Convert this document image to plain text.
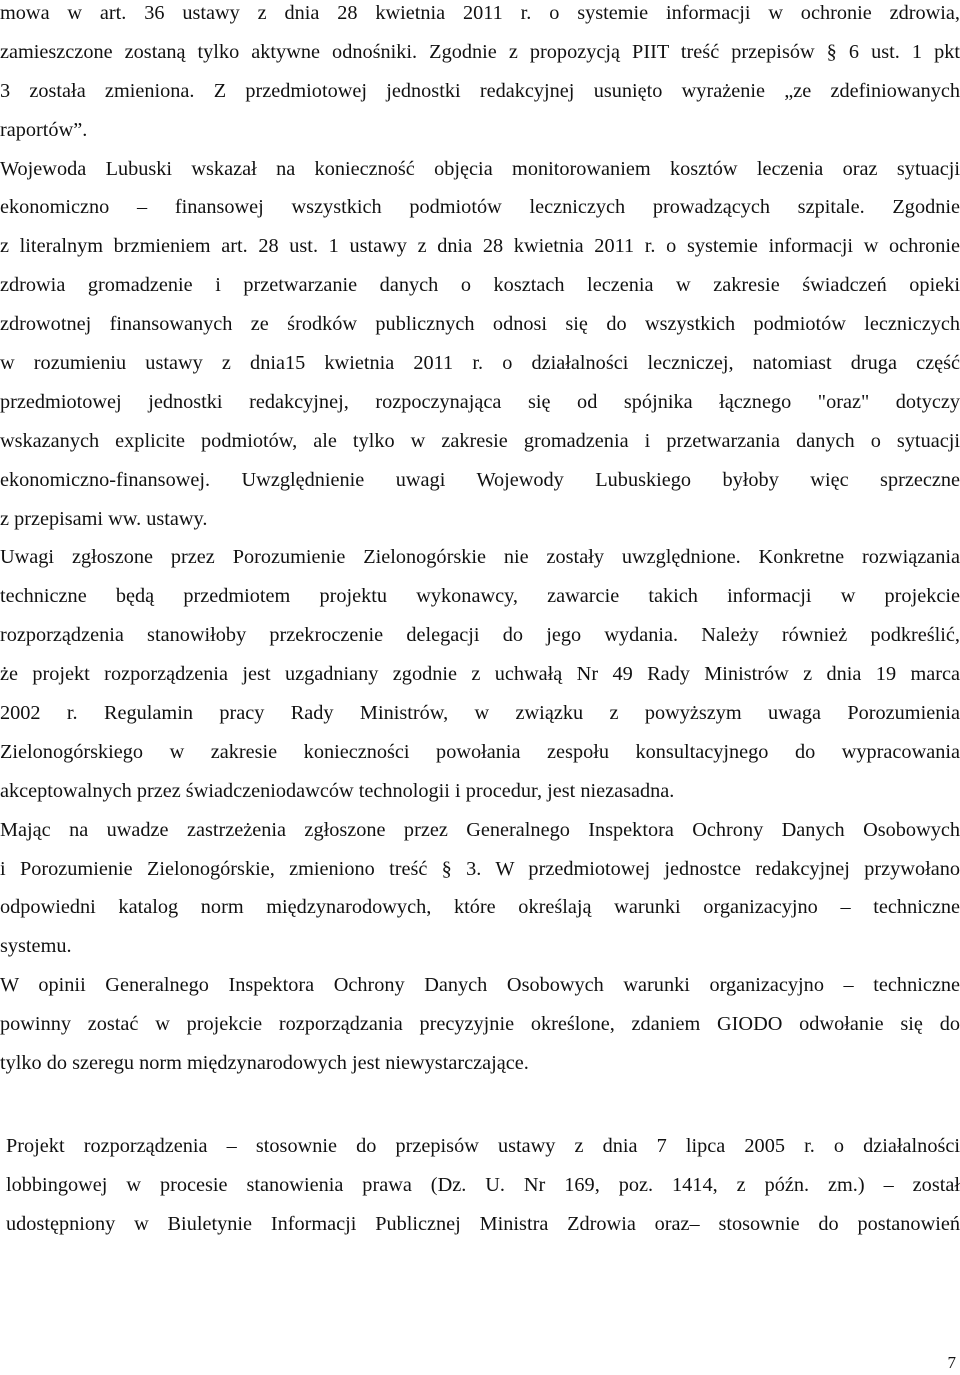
mowa w art. 36 ustawy z dnia 28 kwietnia 2011 r. o systemie informacji w ochronie zdrowia,
zamieszczone zostaną tylko aktywne odnośniki. Zgodnie z propozycją PIIT treść przepisów § 6 ust. 1 pkt
3 została zmieniona. Z przedmiotowej jednostki redakcyjnej usunięto wyrażenie „ze zdefiniowanych
raportów”.
Wojewoda Lubuski wskazał na konieczność objęcia monitorowaniem kosztów leczenia oraz sytuacji
ekonomiczno – finansowej wszystkich podmiotów leczniczych prowadzących szpitale. Zgodnie
z literalnym brzmieniem art. 28 ust. 1 ustawy z dnia 28 kwietnia 2011 r. o systemie informacji w ochronie
zdrowia gromadzenie i przetwarzanie danych o kosztach leczenia w zakresie świadczeń opieki
zdrowotnej finansowanych ze środków publicznych odnosi się do wszystkich podmiotów leczniczych
w rozumieniu ustawy z dnia15 kwietnia 2011 r. o działalności leczniczej, natomiast druga część
przedmiotowej jednostki redakcyjnej, rozpoczynająca się od spójnika łącznego "oraz" dotyczy
wskazanych explicite podmiotów, ale tylko w zakresie gromadzenia i przetwarzania danych o sytuacji
ekonomiczno-finansowej. Uwzględnienie uwagi Wojewody Lubuskiego byłoby więc sprzeczne
z przepisami ww. ustawy.
Uwagi zgłoszone przez Porozumienie Zielonogórskie nie zostały uwzględnione. Konkretne rozwiązania
techniczne będą przedmiotem projektu wykonawcy, zawarcie takich informacji w projekcie
rozporządzenia stanowiłoby przekroczenie delegacji do jego wydania. Należy również podkreślić,
że projekt rozporządzenia jest uzgadniany zgodnie z uchwałą Nr 49 Rady Ministrów z dnia 19 marca
2002 r. Regulamin pracy Rady Ministrów, w związku z powyższym uwaga Porozumienia
Zielonogórskiego w zakresie konieczności powołania zespołu konsultacyjnego do wypracowania
akceptowalnych przez świadczeniodawców technologii i procedur, jest niezasadna.
Mając na uwadze zastrzeżenia zgłoszone przez Generalnego Inspektora Ochrony Danych Osobowych
i Porozumienie Zielonogórskie, zmieniono treść § 3. W przedmiotowej jednostce redakcyjnej przywołano
odpowiedni katalog norm międzynarodowych, które określają warunki organizacyjno – techniczne
systemu.
W opinii Generalnego Inspektora Ochrony Danych Osobowych warunki organizacyjno – techniczne
powinny zostać w projekcie rozporządzania precyzyjnie określone, zdaniem GIODO odwołanie się do
tylko do szeregu norm międzynarodowych jest niewystarczające.
Projekt rozporządzenia – stosownie do przepisów ustawy z dnia 7 lipca 2005 r. o działalności
lobbingowej w procesie stanowienia prawa (Dz. U. Nr 169, poz. 1414, z późn. zm.) – został
udostępniony w Biuletynie Informacji Publicznej Ministra Zdrowia oraz– stosownie do postanowień
7
